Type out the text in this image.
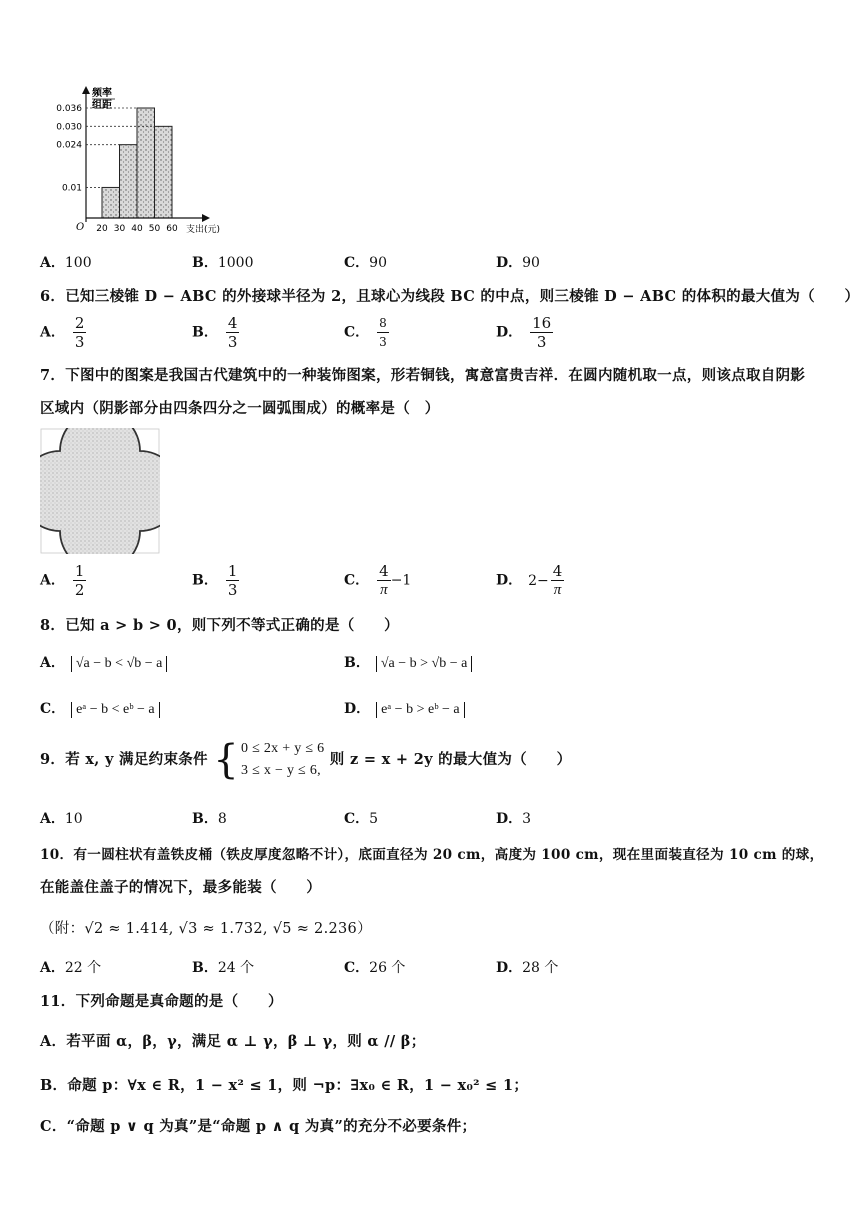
频率
组距
O	支出(元)
0.036
0.030
0.024
0.01
20 30 40 50 60
A．100	B．1000	C．90	D．90
6．已知三棱锥 D − ABC 的外接球半径为 2，且球心为线段 BC 的中点，则三棱锥 D − ABC 的体积的最大值为（　　）
A． $\frac{2}{3}$	B． $\frac{4}{3}$	C． $\frac{8}{3}$	D． $\frac{16}{3}$
7．下图中的图案是我国古代建筑中的一种装饰图案，形若铜钱，寓意富贵吉祥．在圆内随机取一点，则该点取自阴影
区域内（阴影部分由四条四分之一圆弧围成）的概率是（　）
A． $\frac{1}{2}$	B． $\frac{1}{3}$	C． $\frac{4}{\pi} -1$	D． $2- \frac{4}{\pi}$
8．已知 a > b > 0，则下列不等式正确的是（　　）
A． √a − b < √b − a	B． √a − b > √b − a
C． eᵃ − b < eᵇ − a	D． eᵃ − b > eᵇ − a
9．若 x, y 满足约束条件 { 0 ≤ 2x + y ≤ 6
3 ≤ x − y ≤ 6,
则 z = x + 2y 的最大值为（　　）
A．10	B．8	C．5	D．3
10．有一圆柱状有盖铁皮桶（铁皮厚度忽略不计），底面直径为 20 cm，高度为 100 cm，现在里面装直径为 10 cm 的球，
在能盖住盖子的情况下，最多能装（　　）
（附：√2 ≈ 1.414, √3 ≈ 1.732, √5 ≈ 2.236）
A．22 个	B．24 个	C．26 个	D．28 个
11．下列命题是真命题的是（　　）
A．若平面 α，β，γ，满足 α ⊥ γ，β ⊥ γ，则 α // β；
B．命题 p：∀x ∈ R，1 − x² ≤ 1，则 ¬p：∃x₀ ∈ R，1 − x₀² ≤ 1；
C．“命题 p ∨ q 为真”是“命题 p ∧ q 为真”的充分不必要条件；
